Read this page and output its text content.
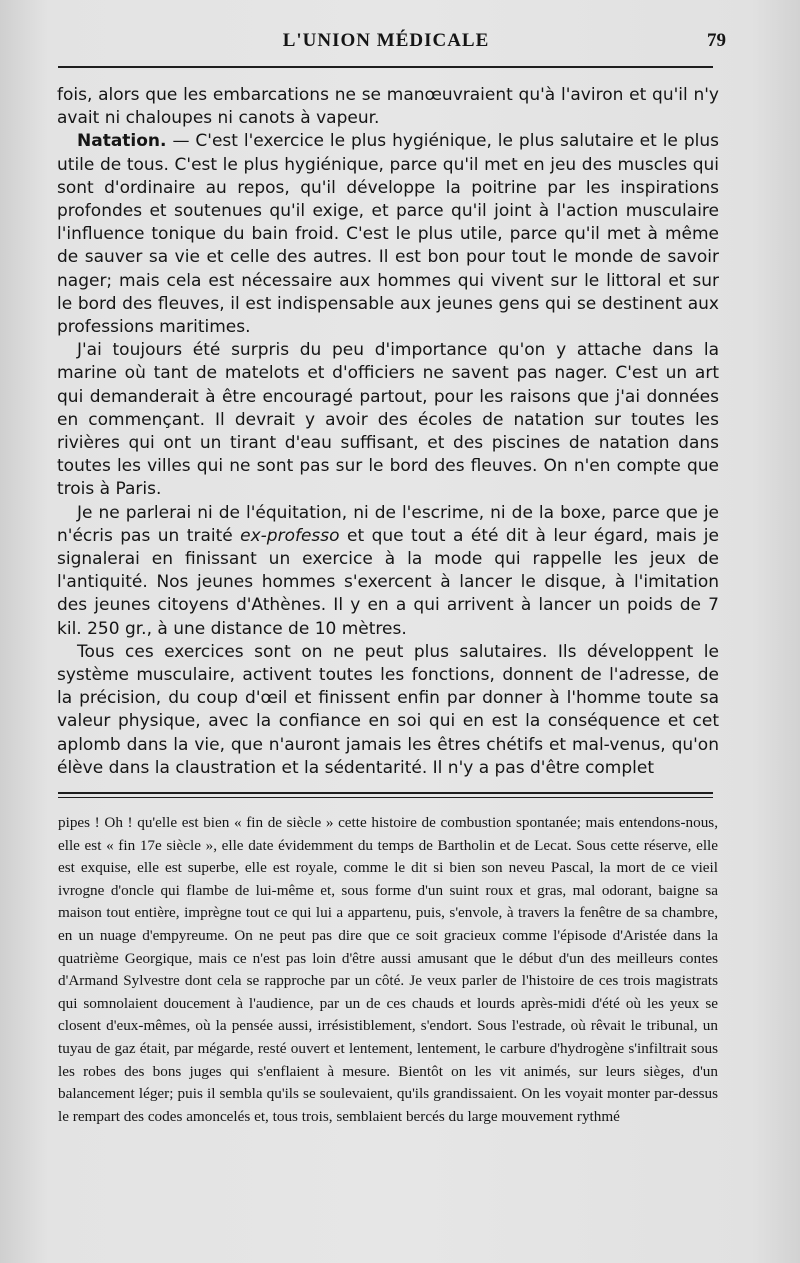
L'UNION MÉDICALE	79

fois, alors que les embarcations ne se manœuvraient qu'à l'aviron et qu'il n'y avait ni chaloupes ni canots à vapeur.

Natation. — C'est l'exercice le plus hygiénique, le plus salutaire et le plus utile de tous. C'est le plus hygiénique, parce qu'il met en jeu des muscles qui sont d'ordinaire au repos, qu'il développe la poitrine par les inspirations profondes et soutenues qu'il exige, et parce qu'il joint à l'action musculaire l'influence tonique du bain froid. C'est le plus utile, parce qu'il met à même de sauver sa vie et celle des autres. Il est bon pour tout le monde de savoir nager; mais cela est nécessaire aux hommes qui vivent sur le littoral et sur le bord des fleuves, il est indispensable aux jeunes gens qui se destinent aux professions maritimes.

J'ai toujours été surpris du peu d'importance qu'on y attache dans la marine où tant de matelots et d'officiers ne savent pas nager. C'est un art qui demanderait à être encouragé partout, pour les raisons que j'ai données en commençant. Il devrait y avoir des écoles de natation sur toutes les rivières qui ont un tirant d'eau suffisant, et des piscines de natation dans toutes les villes qui ne sont pas sur le bord des fleuves. On n'en compte que trois à Paris.

Je ne parlerai ni de l'équitation, ni de l'escrime, ni de la boxe, parce que je n'écris pas un traité ex-professo et que tout a été dit à leur égard, mais je signalerai en finissant un exercice à la mode qui rappelle les jeux de l'antiquité. Nos jeunes hommes s'exercent à lancer le disque, à l'imitation des jeunes citoyens d'Athènes. Il y en a qui arrivent à lancer un poids de 7 kil. 250 gr., à une distance de 10 mètres.

Tous ces exercices sont on ne peut plus salutaires. Ils développent le système musculaire, activent toutes les fonctions, donnent de l'adresse, de la précision, du coup d'œil et finissent enfin par donner à l'homme toute sa valeur physique, avec la confiance en soi qui en est la conséquence et cet aplomb dans la vie, que n'auront jamais les êtres chétifs et mal-venus, qu'on élève dans la claustration et la sédentarité. Il n'y a pas d'être complet

pipes ! Oh ! qu'elle est bien « fin de siècle » cette histoire de combustion spontanée; mais entendons-nous, elle est « fin 17e siècle », elle date évidemment du temps de Bartholin et de Lecat. Sous cette réserve, elle est exquise, elle est superbe, elle est royale, comme le dit si bien son neveu Pascal, la mort de ce vieil ivrogne d'oncle qui flambe de lui-même et, sous forme d'un suint roux et gras, mal odorant, baigne sa maison tout entière, imprègne tout ce qui lui a appartenu, puis, s'envole, à travers la fenêtre de sa chambre, en un nuage d'empyreume. On ne peut pas dire que ce soit gracieux comme l'épisode d'Aristée dans la quatrième Georgique, mais ce n'est pas loin d'être aussi amusant que le début d'un des meilleurs contes d'Armand Sylvestre dont cela se rapproche par un côté. Je veux parler de l'histoire de ces trois magistrats qui somnolaient doucement à l'audience, par un de ces chauds et lourds après-midi d'été où les yeux se closent d'eux-mêmes, où la pensée aussi, irrésistiblement, s'endort. Sous l'estrade, où rêvait le tribunal, un tuyau de gaz était, par mégarde, resté ouvert et lentement, lentement, le carbure d'hydrogène s'infiltrait sous les robes des bons juges qui s'enflaient à mesure. Bientôt on les vit animés, sur leurs sièges, d'un balancement léger; puis il sembla qu'ils se soulevaient, qu'ils grandissaient. On les voyait monter par-dessus le rempart des codes amoncelés et, tous trois, semblaient bercés du large mouvement rythmé
